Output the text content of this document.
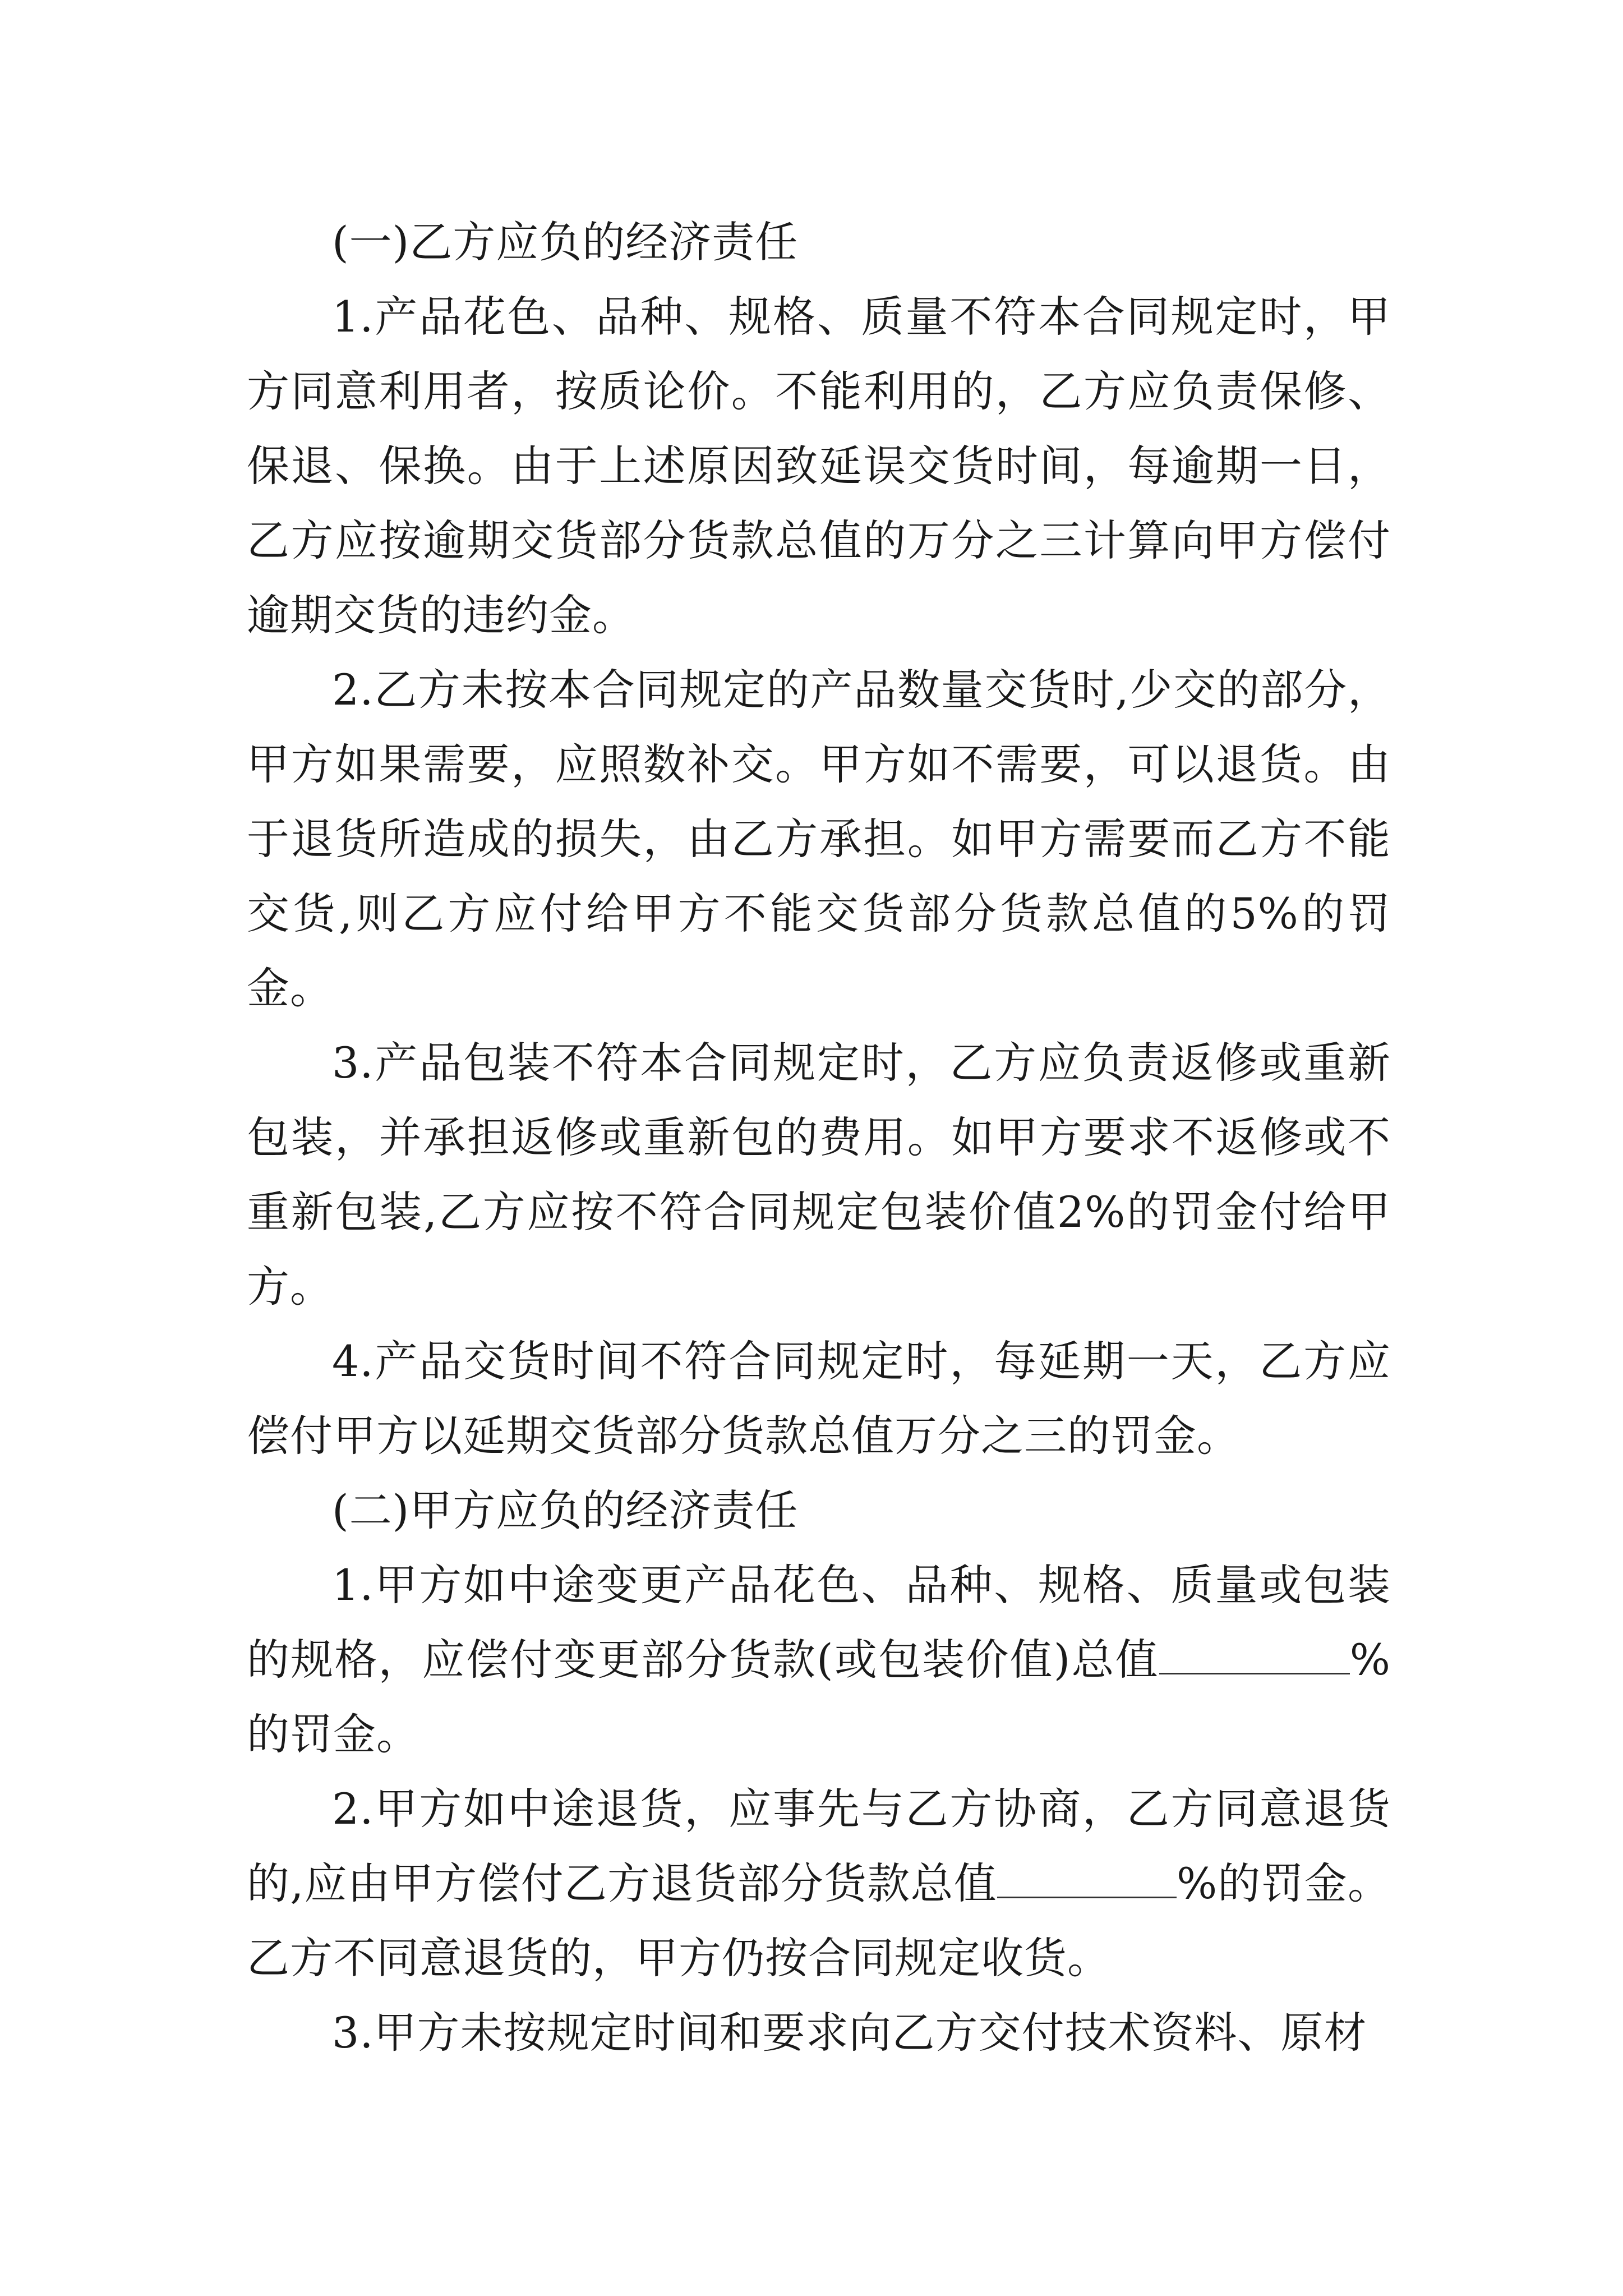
(一)乙方应负的经济责任

1.产品花色、品种、规格、质量不符本合同规定时，甲方同意利用者，按质论价。不能利用的，乙方应负责保修、保退、保换。由于上述原因致延误交货时间，每逾期一日，乙方应按逾期交货部分货款总值的万分之三计算向甲方偿付逾期交货的违约金。

2.乙方未按本合同规定的产品数量交货时,少交的部分，甲方如果需要，应照数补交。甲方如不需要，可以退货。由于退货所造成的损失，由乙方承担。如甲方需要而乙方不能交货,则乙方应付给甲方不能交货部分货款总值的5%的罚金。

3.产品包装不符本合同规定时，乙方应负责返修或重新包装，并承担返修或重新包的费用。如甲方要求不返修或不重新包装,乙方应按不符合同规定包装价值2%的罚金付给甲方。

4.产品交货时间不符合同规定时，每延期一天，乙方应偿付甲方以延期交货部分货款总值万分之三的罚金。

(二)甲方应负的经济责任

1.甲方如中途变更产品花色、品种、规格、质量或包装的规格，应偿付变更部分货款(或包装价值)总值	%的罚金。

2.甲方如中途退货，应事先与乙方协商，乙方同意退货的,应由甲方偿付乙方退货部分货款总值	%的罚金。乙方不同意退货的，甲方仍按合同规定收货。

3.甲方未按规定时间和要求向乙方交付技术资料、原材
